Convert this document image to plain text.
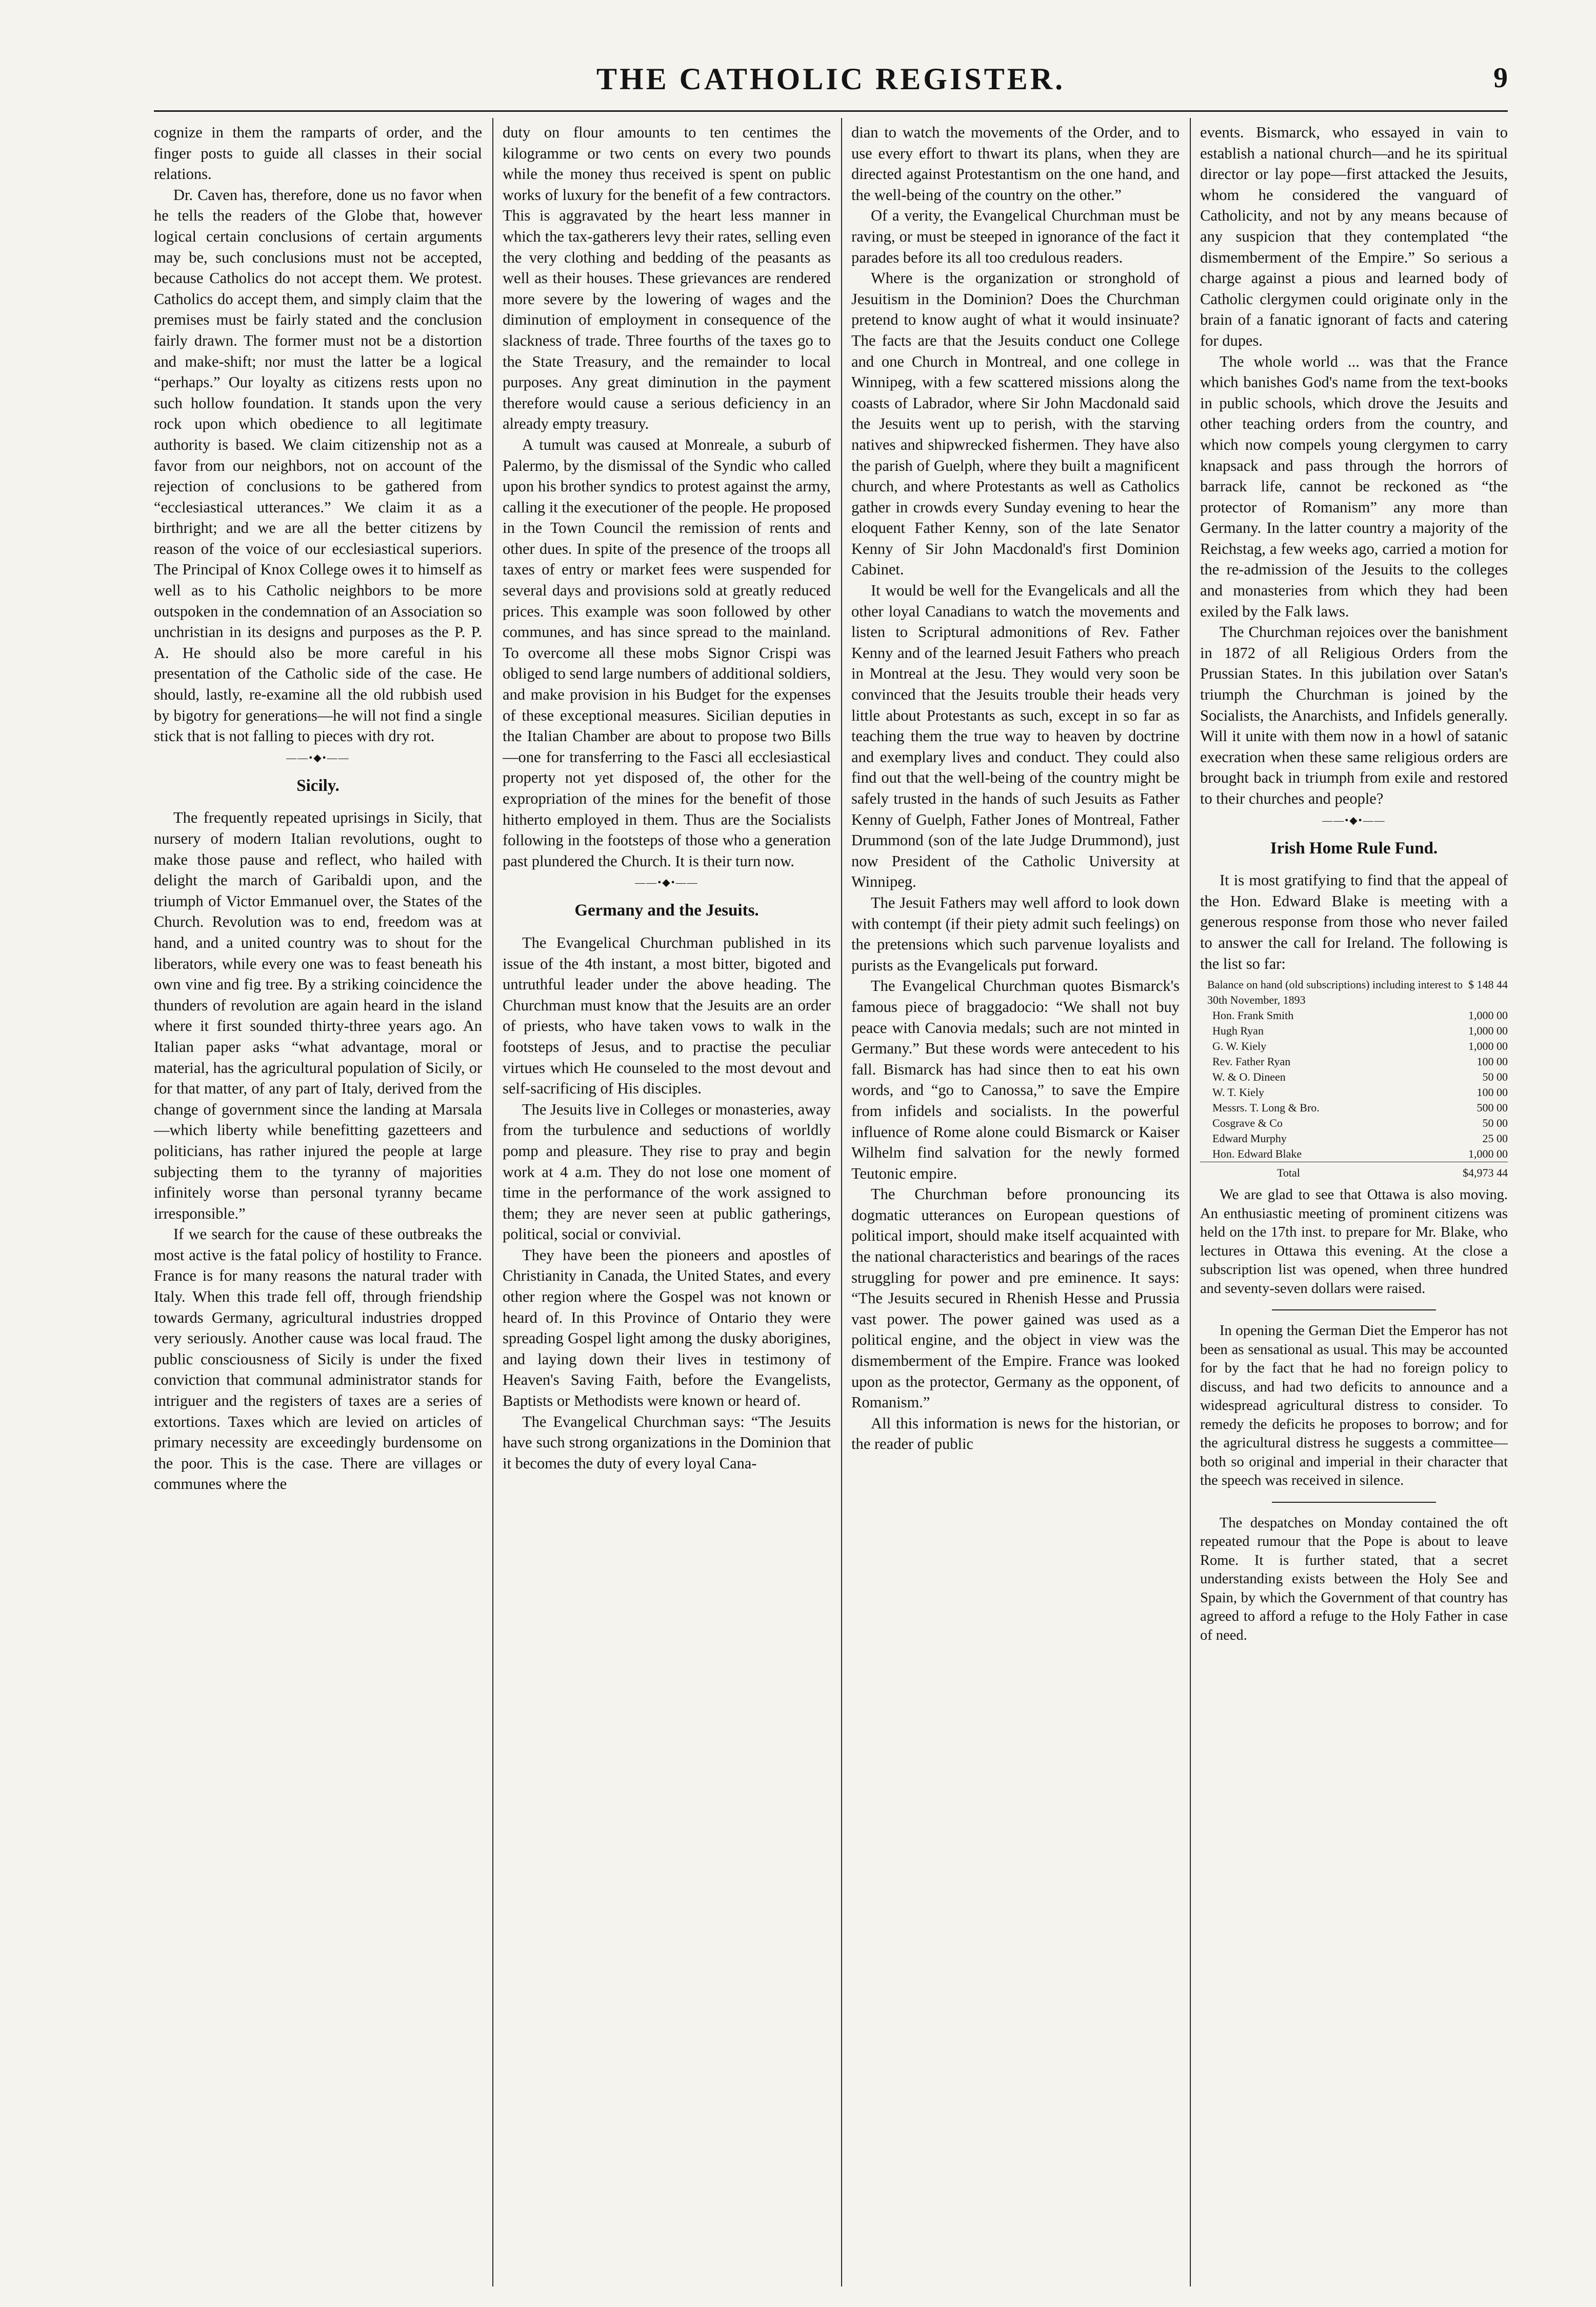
THE CATHOLIC REGISTER.	9

cognize in them the ramparts of order, and the finger posts to guide all classes in their social relations.

Dr. Caven has, therefore, done us no favor when he tells the readers of the Globe that, however logical certain conclusions of certain arguments may be, such conclusions must not be accepted, because Catholics do not accept them. We protest. Catholics do accept them, and simply claim that the premises must be fairly stated and the conclusion fairly drawn. The former must not be a distortion and make-shift; nor must the latter be a logical “perhaps.” Our loyalty as citizens rests upon no such hollow foundation. It stands upon the very rock upon which obedience to all legitimate authority is based. We claim citizenship not as a favor from our neighbors, not on account of the rejection of conclusions to be gathered from “ecclesiastical utterances.” We claim it as a birthright; and we are all the better citizens by reason of the voice of our ecclesiastical superiors. The Principal of Knox College owes it to himself as well as to his Catholic neighbors to be more outspoken in the condemnation of an Association so unchristian in its designs and purposes as the P. P. A. He should also be more careful in his presentation of the Catholic side of the case. He should, lastly, re-examine all the old rubbish used by bigotry for generations—he will not find a single stick that is not falling to pieces with dry rot.

——•◆•——
Sicily.

The frequently repeated uprisings in Sicily, that nursery of modern Italian revolutions, ought to make those pause and reflect, who hailed with delight the march of Garibaldi upon, and the triumph of Victor Emmanuel over, the States of the Church. Revolution was to end, freedom was at hand, and a united country was to shout for the liberators, while every one was to feast beneath his own vine and fig tree. By a striking coincidence the thunders of revolution are again heard in the island where it first sounded thirty-three years ago. An Italian paper asks “what advantage, moral or material, has the agricultural population of Sicily, or for that matter, of any part of Italy, derived from the change of government since the landing at Marsala—which liberty while benefitting gazetteers and politicians, has rather injured the people at large subjecting them to the tyranny of majorities infinitely worse than personal tyranny became irresponsible.”

If we search for the cause of these outbreaks the most active is the fatal policy of hostility to France. France is for many reasons the natural trader with Italy. When this trade fell off, through friendship towards Germany, agricultural industries dropped very seriously. Another cause was local fraud. The public consciousness of Sicily is under the fixed conviction that communal administrator stands for intriguer and the registers of taxes are a series of extortions. Taxes which are levied on articles of primary necessity are exceedingly burdensome on the poor. This is the case. There are villages or communes where the

duty on flour amounts to ten centimes the kilogramme or two cents on every two pounds while the money thus received is spent on public works of luxury for the benefit of a few contractors. This is aggravated by the heart less manner in which the tax-gatherers levy their rates, selling even the very clothing and bedding of the peasants as well as their houses. These grievances are rendered more severe by the lowering of wages and the diminution of employment in consequence of the slackness of trade. Three fourths of the taxes go to the State Treasury, and the remainder to local purposes. Any great diminution in the payment therefore would cause a serious deficiency in an already empty treasury.

A tumult was caused at Monreale, a suburb of Palermo, by the dismissal of the Syndic who called upon his brother syndics to protest against the army, calling it the executioner of the people. He proposed in the Town Council the remission of rents and other dues. In spite of the presence of the troops all taxes of entry or market fees were suspended for several days and provisions sold at greatly reduced prices. This example was soon followed by other communes, and has since spread to the mainland. To overcome all these mobs Signor Crispi was obliged to send large numbers of additional soldiers, and make provision in his Budget for the expenses of these exceptional measures. Sicilian deputies in the Italian Chamber are about to propose two Bills—one for transferring to the Fasci all ecclesiastical property not yet disposed of, the other for the expropriation of the mines for the benefit of those hitherto employed in them. Thus are the Socialists following in the footsteps of those who a generation past plundered the Church. It is their turn now.

——•◆•——
Germany and the Jesuits.

The Evangelical Churchman published in its issue of the 4th instant, a most bitter, bigoted and untruthful leader under the above heading. The Churchman must know that the Jesuits are an order of priests, who have taken vows to walk in the footsteps of Jesus, and to practise the peculiar virtues which He counseled to the most devout and self-sacrificing of His disciples.

The Jesuits live in Colleges or monasteries, away from the turbulence and seductions of worldly pomp and pleasure. They rise to pray and begin work at 4 a.m. They do not lose one moment of time in the performance of the work assigned to them; they are never seen at public gatherings, political, social or convivial.

They have been the pioneers and apostles of Christianity in Canada, the United States, and every other region where the Gospel was not known or heard of. In this Province of Ontario they were spreading Gospel light among the dusky aborigines, and laying down their lives in testimony of Heaven's Saving Faith, before the Evangelists, Baptists or Methodists were known or heard of.

The Evangelical Churchman says: “The Jesuits have such strong organizations in the Dominion that it becomes the duty of every loyal Cana-

dian to watch the movements of the Order, and to use every effort to thwart its plans, when they are directed against Protestantism on the one hand, and the well-being of the country on the other.”

Of a verity, the Evangelical Churchman must be raving, or must be steeped in ignorance of the fact it parades before its all too credulous readers.

Where is the organization or stronghold of Jesuitism in the Dominion? Does the Churchman pretend to know aught of what it would insinuate? The facts are that the Jesuits conduct one College and one Church in Montreal, and one college in Winnipeg, with a few scattered missions along the coasts of Labrador, where Sir John Macdonald said the Jesuits went up to perish, with the starving natives and shipwrecked fishermen. They have also the parish of Guelph, where they built a magnificent church, and where Protestants as well as Catholics gather in crowds every Sunday evening to hear the eloquent Father Kenny, son of the late Senator Kenny of Sir John Macdonald's first Dominion Cabinet.

It would be well for the Evangelicals and all the other loyal Canadians to watch the movements and listen to Scriptural admonitions of Rev. Father Kenny and of the learned Jesuit Fathers who preach in Montreal at the Jesu. They would very soon be convinced that the Jesuits trouble their heads very little about Protestants as such, except in so far as teaching them the true way to heaven by doctrine and exemplary lives and conduct. They could also find out that the well-being of the country might be safely trusted in the hands of such Jesuits as Father Kenny of Guelph, Father Jones of Montreal, Father Drummond (son of the late Judge Drummond), just now President of the Catholic University at Winnipeg.

The Jesuit Fathers may well afford to look down with contempt (if their piety admit such feelings) on the pretensions which such parvenue loyalists and purists as the Evangelicals put forward.

The Evangelical Churchman quotes Bismarck's famous piece of braggadocio: “We shall not buy peace with Canovia medals; such are not minted in Germany.” But these words were antecedent to his fall. Bismarck has had since then to eat his own words, and “go to Canossa,” to save the Empire from infidels and socialists. In the powerful influence of Rome alone could Bismarck or Kaiser Wilhelm find salvation for the newly formed Teutonic empire.

The Churchman before pronouncing its dogmatic utterances on European questions of political import, should make itself acquainted with the national characteristics and bearings of the races struggling for power and pre eminence. It says: “The Jesuits secured in Rhenish Hesse and Prussia vast power. The power gained was used as a political engine, and the object in view was the dismemberment of the Empire. France was looked upon as the protector, Germany as the opponent, of Romanism.”

All this information is news for the historian, or the reader of public

events. Bismarck, who essayed in vain to establish a national church—and he its spiritual director or lay pope—first attacked the Jesuits, whom he considered the vanguard of Catholicity, and not by any means because of any suspicion that they contemplated “the dismemberment of the Empire.” So serious a charge against a pious and learned body of Catholic clergymen could originate only in the brain of a fanatic ignorant of facts and catering for dupes.

The whole world ... was that the France which banishes God's name from the text-books in public schools, which drove the Jesuits and other teaching orders from the country, and which now compels young clergymen to carry knapsack and pass through the horrors of barrack life, cannot be reckoned as “the protector of Romanism” any more than Germany. In the latter country a majority of the Reichstag, a few weeks ago, carried a motion for the re-admission of the Jesuits to the colleges and monasteries from which they had been exiled by the Falk laws.

The Churchman rejoices over the banishment in 1872 of all Religious Orders from the Prussian States. In this jubilation over Satan's triumph the Churchman is joined by the Socialists, the Anarchists, and Infidels generally. Will it unite with them now in a howl of satanic execration when these same religious orders are brought back in triumph from exile and restored to their churches and people?

——•◆•——
Irish Home Rule Fund.

It is most gratifying to find that the appeal of the Hon. Edward Blake is meeting with a generous response from those who never failed to answer the call for Ireland. The following is the list so far:

Balance on hand (old subscriptions) including interest to 30th November, 1893	$ 148 44
Hon. Frank Smith	1,000 00
Hugh Ryan	1,000 00
G. W. Kiely	1,000 00
Rev. Father Ryan	100 00
W. & O. Dineen	50 00
W. T. Kiely	100 00
Messrs. T. Long & Bro.	500 00
Cosgrave & Co	50 00
Edward Murphy	25 00
Hon. Edward Blake	1,000 00
Total	$4,973 44

We are glad to see that Ottawa is also moving. An enthusiastic meeting of prominent citizens was held on the 17th inst. to prepare for Mr. Blake, who lectures in Ottawa this evening. At the close a subscription list was opened, when three hundred and seventy-seven dollars were raised.

In opening the German Diet the Emperor has not been as sensational as usual. This may be accounted for by the fact that he had no foreign policy to discuss, and had two deficits to announce and a widespread agricultural distress to consider. To remedy the deficits he proposes to borrow; and for the agricultural distress he suggests a committee—both so original and imperial in their character that the speech was received in silence.

The despatches on Monday contained the oft repeated rumour that the Pope is about to leave Rome. It is further stated, that a secret understanding exists between the Holy See and Spain, by which the Government of that country has agreed to afford a refuge to the Holy Father in case of need.
